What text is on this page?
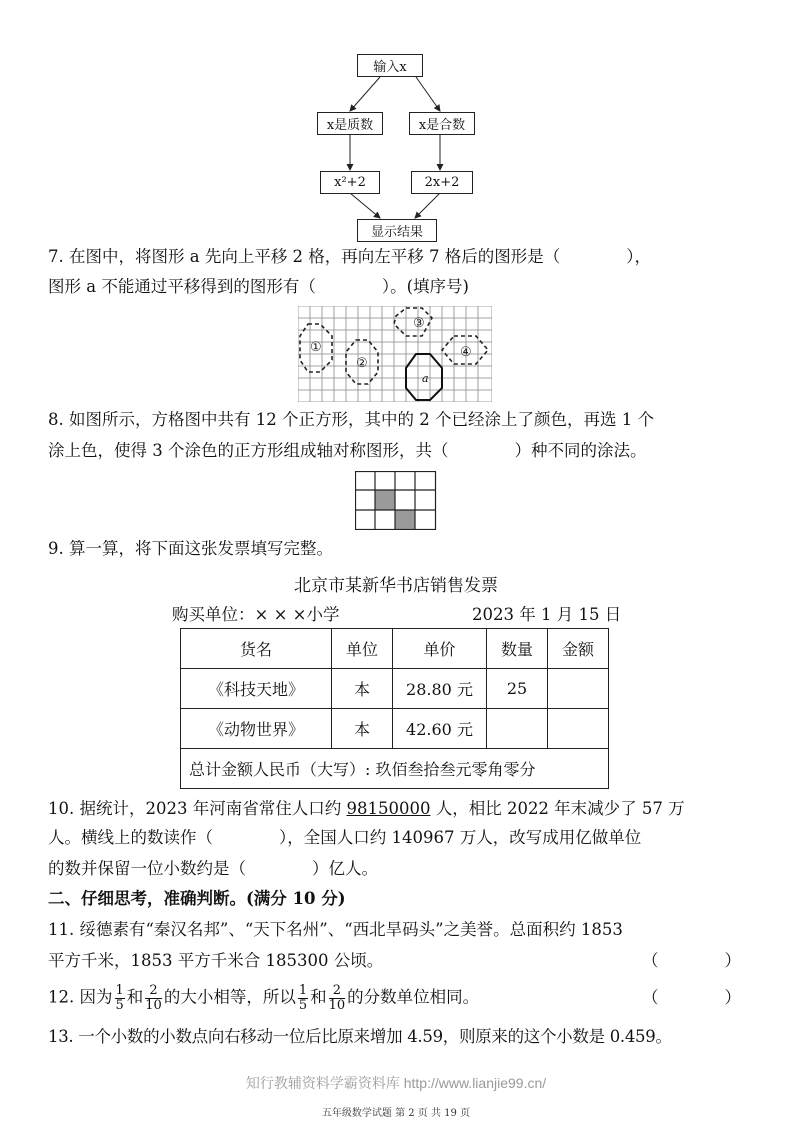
输入x
x是质数	x是合数
x²+2	2x+2
显示结果
7. 在图中，将图形 a 先向上平移 2 格，再向左平移 7 格后的图形是（　　　　），
图形 a 不能通过平移得到的图形有（　　　　）。(填序号)
①
②
③
④
a
8. 如图所示，方格图中共有 12 个正方形，其中的 2 个已经涂上了颜色，再选 1 个
涂上色，使得 3 个涂色的正方形组成轴对称图形，共（　　　　）种不同的涂法。
9. 算一算，将下面这张发票填写完整。
北京市某新华书店销售发票
购买单位：× × ×小学	2023 年 1 月 15 日
货名	单位	单价	数量	金额
《科技天地》	本	28.80 元	25	
《动物世界》	本	42.60 元		
总计金额人民币（大写）: 玖佰叁拾叁元零角零分				
10. 据统计，2023 年河南省常住人口约 98150000 人，相比 2022 年末减少了 57 万
人。横线上的数读作（　　　　），全国人口约 140967 万人，改写成用亿做单位
的数并保留一位小数约是（　　　　）亿人。
二、仔细思考，准确判断。(满分 10 分)
11. 绥德素有“秦汉名邦”、“天下名州”、“西北旱码头”之美誉。总面积约 1853
平方千米，1853 平方千米合 185300 公顷。	（　　　　）
12. 因为 $\frac{1}{5}$ 和 $\frac{2}{10}$ 的大小相等，所以 $\frac{1}{5}$ 和 $\frac{2}{10}$ 的分数单位相同。	（　　　　）
13. 一个小数的小数点向右移动一位后比原来增加 4.59，则原来的这个小数是 0.459。
知行教辅资料学霸资料库 http://www.lianjie99.cn/
五年级数学试题 第 2 页 共 19 页
